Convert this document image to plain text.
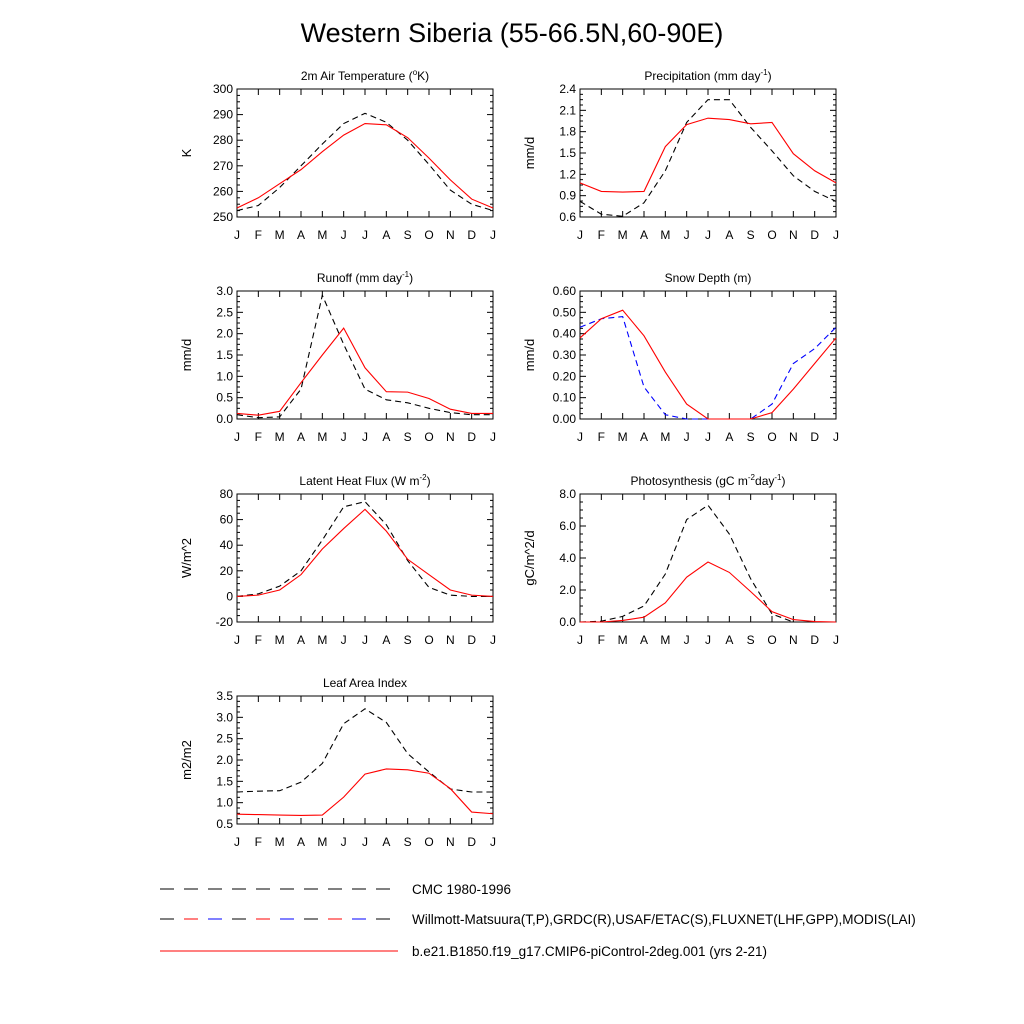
Western Siberia (55-66.5N,60-90E)
2m Air Temperature ($^o$K)
K
250
260
270
280
290
300
J F M A M J J A S O N D J
Precipitation (mm day$^{-1}$)
mm/d
0.6
0.9
1.2
1.5
1.8
2.1
2.4
J F M A M J J A S O N D J
Runoff (mm day$^{-1}$)
mm/d
0.0
0.5
1.0
1.5
2.0
2.5
3.0
J F M A M J J A S O N D J
Snow Depth (m)
mm/d
0.00
0.10
0.20
0.30
0.40
0.50
0.60
J F M A M J J A S O N D J
Latent Heat Flux (W $m^{-2}$)
W/m^2
-20
0
20
40
60
80
J F M A M J J A S O N D J
Photosynthesis (gC $m^{-2}day^{-1}$)
gC/m^2/d
0.0
2.0
4.0
6.0
8.0
J F M A M J J A S O N D J
Leaf Area Index
m2/m2
0.5
1.0
1.5
2.0
2.5
3.0
3.5
J F M A M J J A S O N D J
CMC 1980-1996
Willmott-Matsuura(T,P),GRDC(R),USAF/ETAC(S),FLUXNET(LHF,GPP),MODIS(LAI)
b.e21.B1850.f19_g17.CMIP6-piControl-2deg.001 (yrs 2-21)
